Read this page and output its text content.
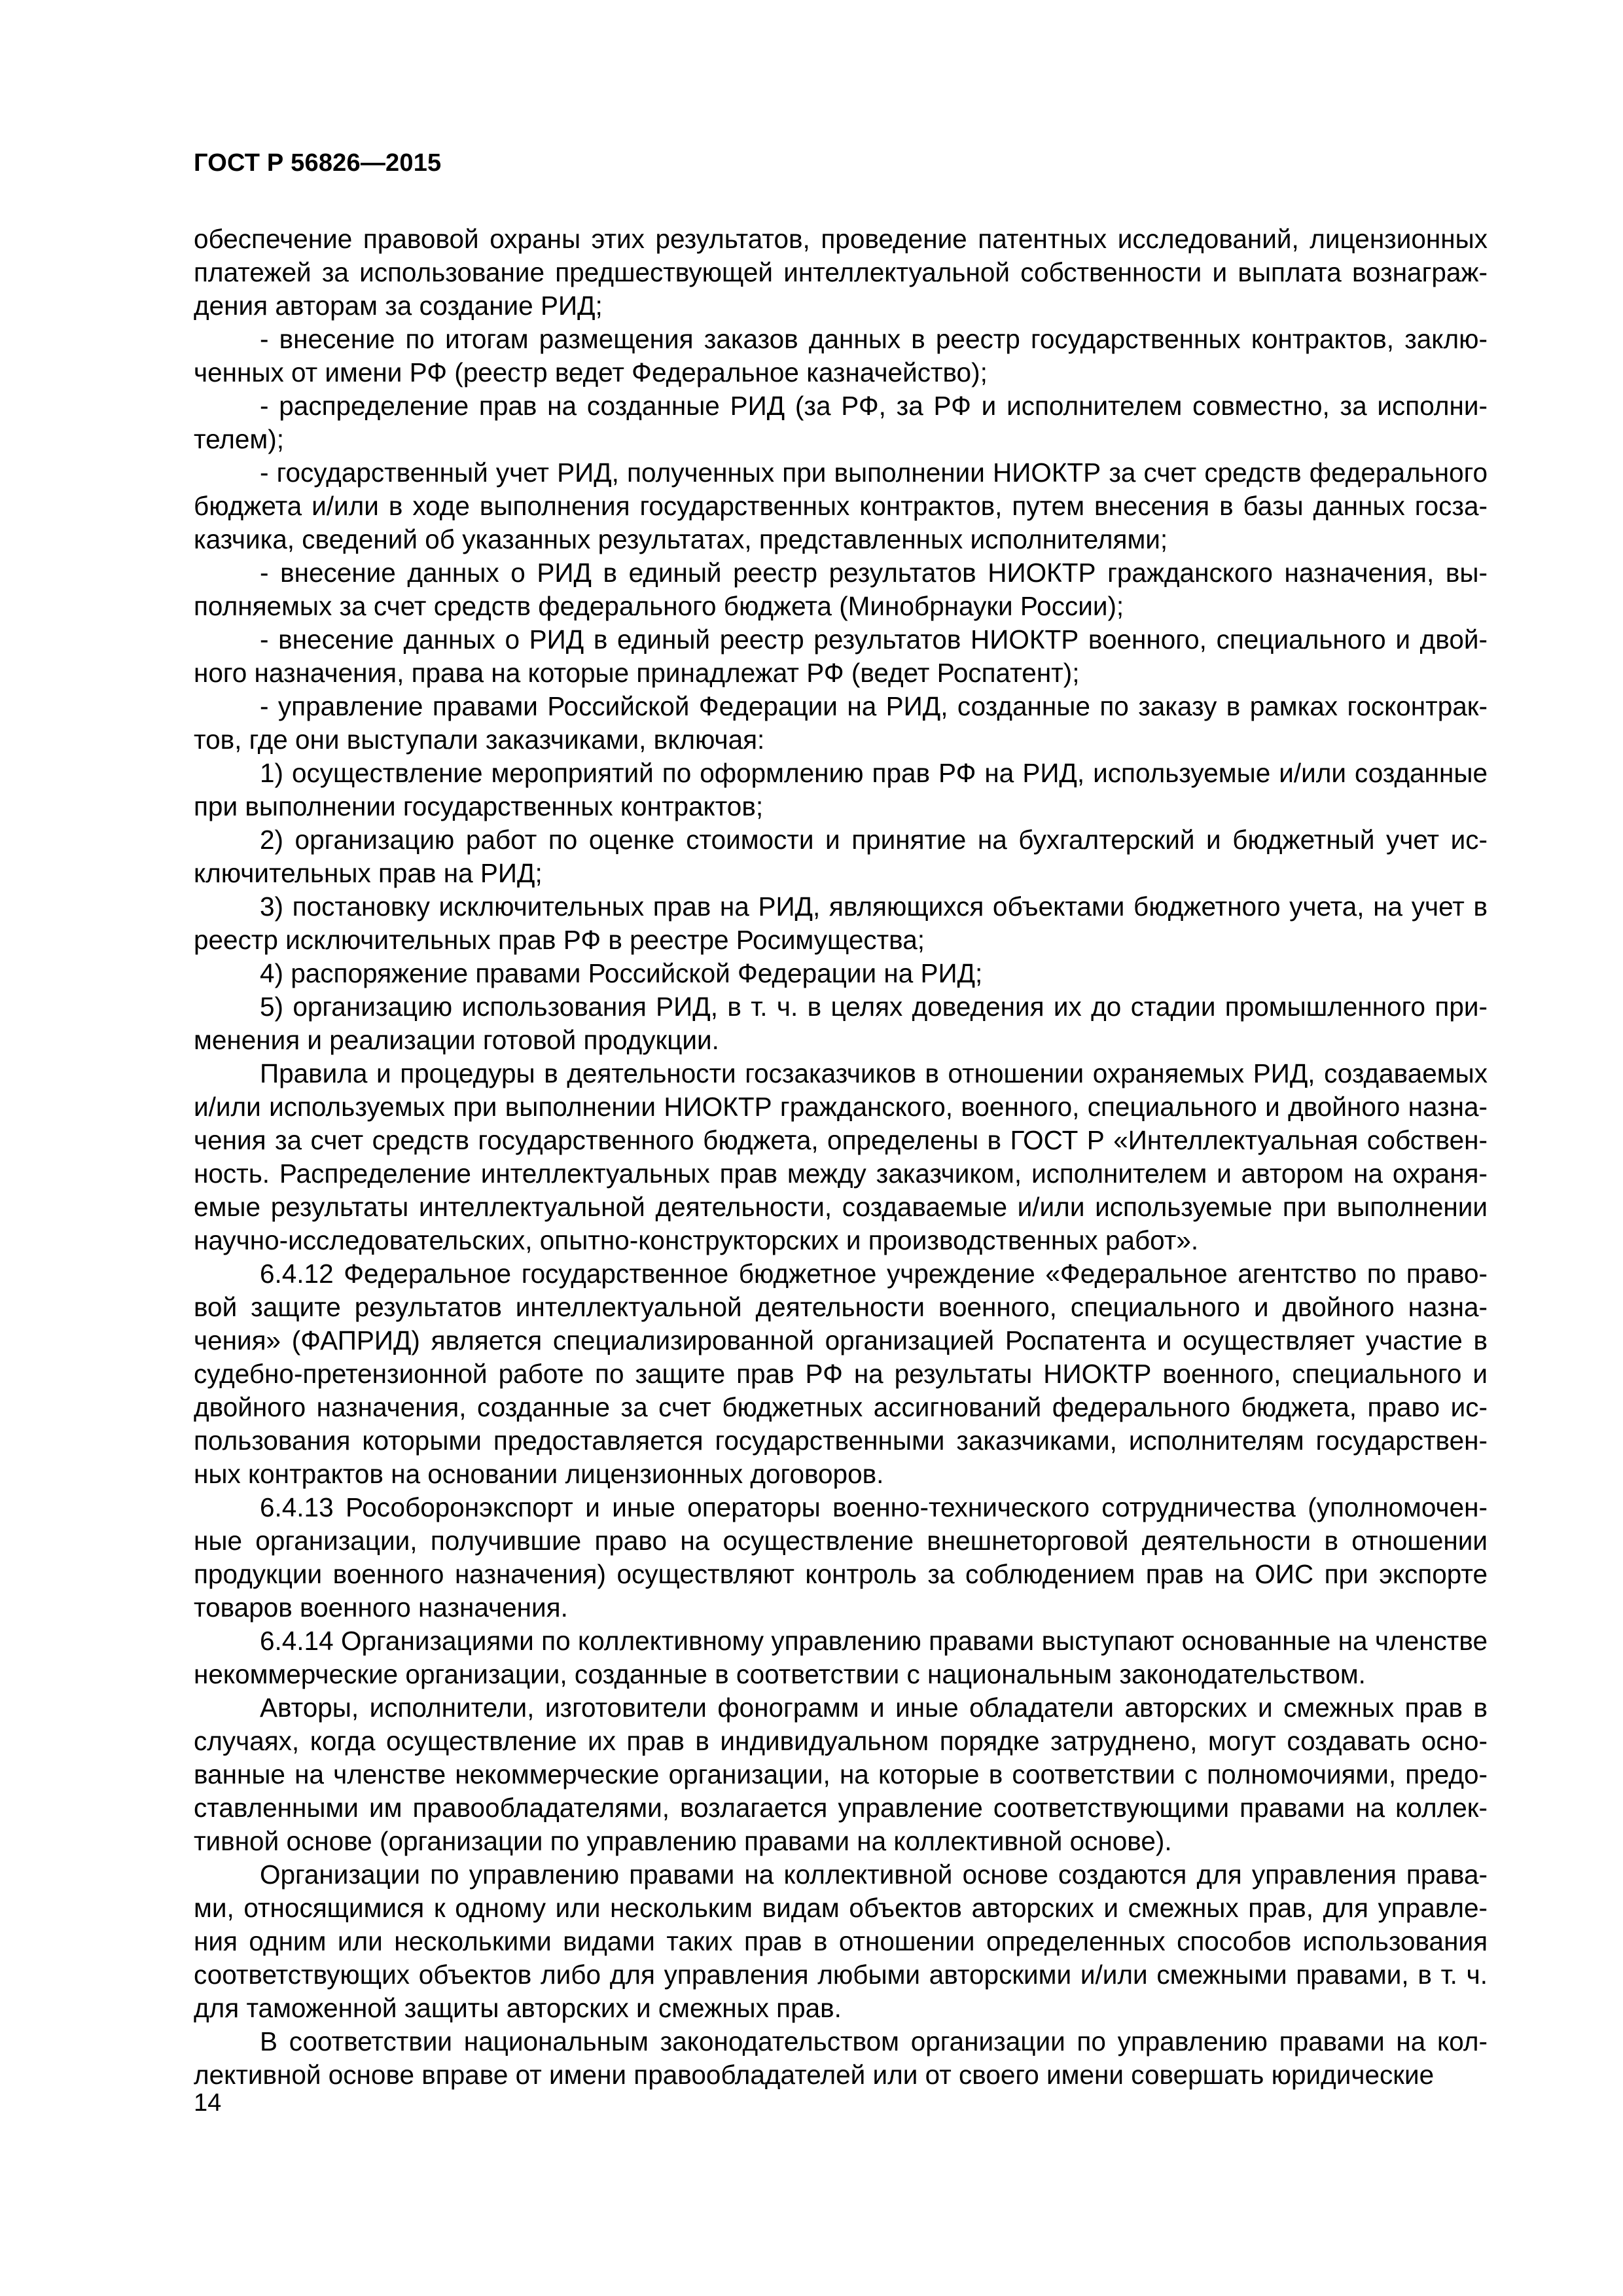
ГОСТ Р 56826—2015

обеспечение правовой охраны этих результатов, проведение патентных исследований, лицензионных платежей за использование предшествующей интеллектуальной собственности и выплата вознаграждения авторам за создание РИД;

- внесение по итогам размещения заказов данных в реестр государственных контрактов, заключенных от имени РФ (реестр ведет Федеральное казначейство);

- распределение прав на созданные РИД (за РФ, за РФ и исполнителем совместно, за исполнителем);

- государственный учет РИД, полученных при выполнении НИОКТР за счет средств федерального бюджета и/или в ходе выполнения государственных контрактов, путем внесения в базы данных госзаказчика, сведений об указанных результатах, представленных исполнителями;

- внесение данных о РИД в единый реестр результатов НИОКТР гражданского назначения, выполняемых за счет средств федерального бюджета (Минобрнауки России);

- внесение данных о РИД в единый реестр результатов НИОКТР военного, специального и двойного назначения, права на которые принадлежат РФ (ведет Роспатент);

- управление правами Российской Федерации на РИД, созданные по заказу в рамках госконтрактов, где они выступали заказчиками, включая:

1) осуществление мероприятий по оформлению прав РФ на РИД, используемые и/или созданные при выполнении государственных контрактов;

2) организацию работ по оценке стоимости и принятие на бухгалтерский и бюджетный учет исключительных прав на РИД;

3) постановку исключительных прав на РИД, являющихся объектами бюджетного учета, на учет в реестр исключительных прав РФ в реестре Росимущества;

4) распоряжение правами Российской Федерации на РИД;

5) организацию использования РИД, в т. ч. в целях доведения их до стадии промышленного применения и реализации готовой продукции.

Правила и процедуры в деятельности госзаказчиков в отношении охраняемых РИД, создаваемых и/или используемых при выполнении НИОКТР гражданского, военного, специального и двойного назначения за счет средств государственного бюджета, определены в ГОСТ Р «Интеллектуальная собственность. Распределение интеллектуальных прав между заказчиком, исполнителем и автором на охраняемые результаты интеллектуальной деятельности, создаваемые и/или используемые при выполнении научно-исследовательских, опытно-конструкторских и производственных работ».

6.4.12 Федеральное государственное бюджетное учреждение «Федеральное агентство по правовой защите результатов интеллектуальной деятельности военного, специального и двойного назначения» (ФАПРИД) является специализированной организацией Роспатента и осуществляет участие в судебно-претензионной работе по защите прав РФ на результаты НИОКТР военного, специального и двойного назначения, созданные за счет бюджетных ассигнований федерального бюджета, право использования которыми предоставляется государственными заказчиками, исполнителям государственных контрактов на основании лицензионных договоров.

6.4.13 Рособоронэкспорт и иные операторы военно-технического сотрудничества (уполномоченные организации, получившие право на осуществление внешнеторговой деятельности в отношении продукции военного назначения) осуществляют контроль за соблюдением прав на ОИС при экспорте товаров военного назначения.

6.4.14 Организациями по коллективному управлению правами выступают основанные на членстве некоммерческие организации, созданные в соответствии с национальным законодательством.

Авторы, исполнители, изготовители фонограмм и иные обладатели авторских и смежных прав в случаях, когда осуществление их прав в индивидуальном порядке затруднено, могут создавать основанные на членстве некоммерческие организации, на которые в соответствии с полномочиями, предоставленными им правообладателями, возлагается управление соответствующими правами на коллективной основе (организации по управлению правами на коллективной основе).

Организации по управлению правами на коллективной основе создаются для управления правами, относящимися к одному или нескольким видам объектов авторских и смежных прав, для управления одним или несколькими видами таких прав в отношении определенных способов использования соответствующих объектов либо для управления любыми авторскими и/или смежными правами, в т. ч. для таможенной защиты авторских и смежных прав.

В соответствии национальным законодательством организации по управлению правами на коллективной основе вправе от имени правообладателей или от своего имени совершать юридические

14
